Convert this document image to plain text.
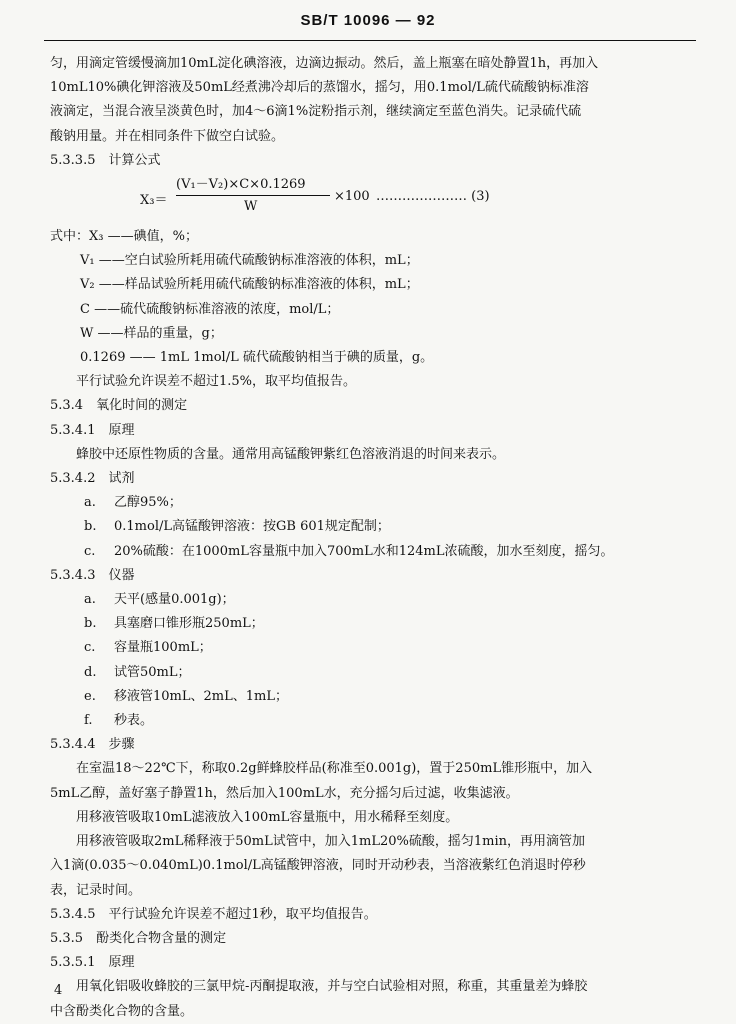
SB/T 10096 — 92
匀，用滴定管缓慢滴加10mL淀化碘溶液，边滴边振动。然后，盖上瓶塞在暗处静置1h，再加入
10mL10%碘化钾溶液及50mL经煮沸冷却后的蒸馏水，摇匀，用0.1mol/L硫代硫酸钠标准溶
液滴定，当混合液呈淡黄色时，加4～6滴1%淀粉指示剂，继续滴定至蓝色消失。记录硫代硫
酸钠用量。并在相同条件下做空白试验。
5.3.3.5　计算公式
X₃＝
(V₁－V₂)×C×0.1269
W
×100 ………………… (3)
式中：X₃ ——碘值，%；
V₁ ——空白试验所耗用硫代硫酸钠标准溶液的体积，mL；
V₂ ——样品试验所耗用硫代硫酸钠标准溶液的体积，mL；
C ——硫代硫酸钠标准溶液的浓度，mol/L；
W ——样品的重量，g；
0.1269 —— 1mL 1mol/L 硫代硫酸钠相当于碘的质量，g。
平行试验允许误差不超过1.5%，取平均值报告。
5.3.4　氧化时间的测定
5.3.4.1　原理
蜂胶中还原性物质的含量。通常用高锰酸钾紫红色溶液消退的时间来表示。
5.3.4.2　试剂
a. 乙醇95%；
b. 0.1mol/L高锰酸钾溶液：按GB 601规定配制；
c. 20%硫酸：在1000mL容量瓶中加入700mL水和124mL浓硫酸，加水至刻度，摇匀。
5.3.4.3　仪器
a. 天平(感量0.001g)；
b. 具塞磨口锥形瓶250mL；
c. 容量瓶100mL；
d. 试管50mL；
e. 移液管10mL、2mL、1mL；
f. 秒表。
5.3.4.4　步骤
在室温18～22℃下，称取0.2g鲜蜂胶样品(称准至0.001g)，置于250mL锥形瓶中，加入
5mL乙醇，盖好塞子静置1h，然后加入100mL水，充分摇匀后过滤，收集滤液。
用移液管吸取10mL滤液放入100mL容量瓶中，用水稀释至刻度。
用移液管吸取2mL稀释液于50mL试管中，加入1mL20%硫酸，摇匀1min，再用滴管加
入1滴(0.035～0.040mL)0.1mol/L高锰酸钾溶液，同时开动秒表，当溶液紫红色消退时停秒
表，记录时间。
5.3.4.5　平行试验允许误差不超过1秒，取平均值报告。
5.3.5　酚类化合物含量的测定
5.3.5.1　原理
用氧化铝吸收蜂胶的三氯甲烷-丙酮提取液，并与空白试验相对照，称重，其重量差为蜂胶
中含酚类化合物的含量。
4
